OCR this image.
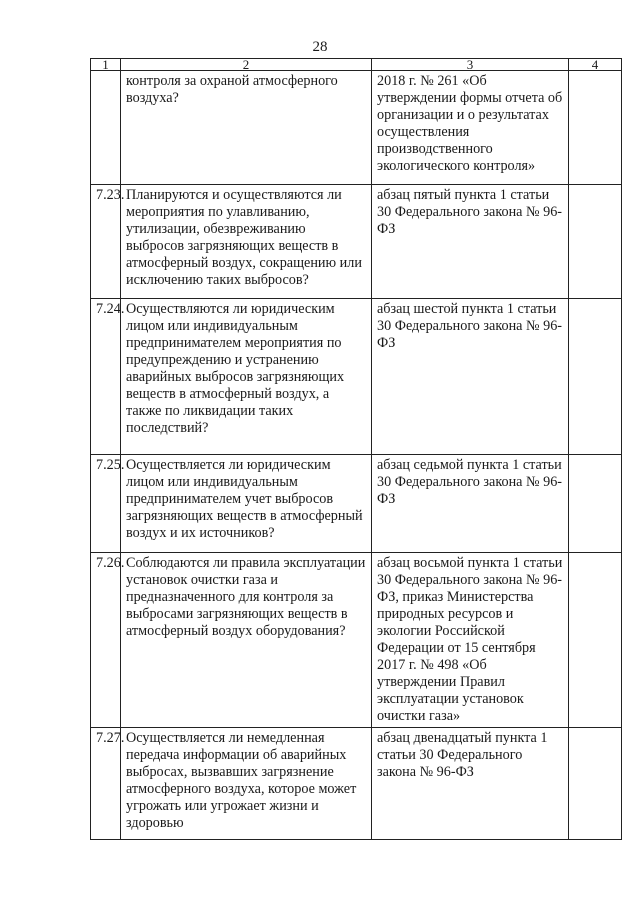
28
1	2	3	4
	контроля за охраной атмосферного воздуха?	2018 г. № 261 «Об утверждении формы отчета об организации и о результатах осуществления производственного экологического контроля»	
7.23.	Планируются и осуществляются ли мероприятия по улавливанию, утилизации, обезвреживанию выбросов загрязняющих веществ в атмосферный воздух, сокращению или исключению таких выбросов?	абзац пятый пункта 1 статьи 30 Федерального закона № 96-ФЗ	
7.24.	Осуществляются ли юридическим лицом или индивидуальным предпринимателем мероприятия по предупреждению и устранению аварийных выбросов загрязняющих веществ в атмосферный воздух, а также по ликвидации таких последствий?	абзац шестой пункта 1 статьи 30 Федерального закона № 96-ФЗ	
7.25.	Осуществляется ли юридическим лицом или индивидуальным предпринимателем учет выбросов загрязняющих веществ в атмосферный воздух и их источников?	абзац седьмой пункта 1 статьи 30 Федерального закона № 96-ФЗ	
7.26.	Соблюдаются ли правила эксплуатации установок очистки газа и предназначенного для контроля за выбросами загрязняющих веществ в атмосферный воздух оборудования?	абзац восьмой пункта 1 статьи 30 Федерального закона № 96-ФЗ, приказ Министерства природных ресурсов и экологии Российской Федерации от 15 сентября 2017 г. № 498 «Об утверждении Правил эксплуатации установок очистки газа»	
7.27.	Осуществляется ли немедленная передача информации об аварийных выбросах, вызвавших загрязнение атмосферного воздуха, которое может угрожать или угрожает жизни и здоровью	абзац двенадцатый пункта 1 статьи 30 Федерального закона № 96-ФЗ	
